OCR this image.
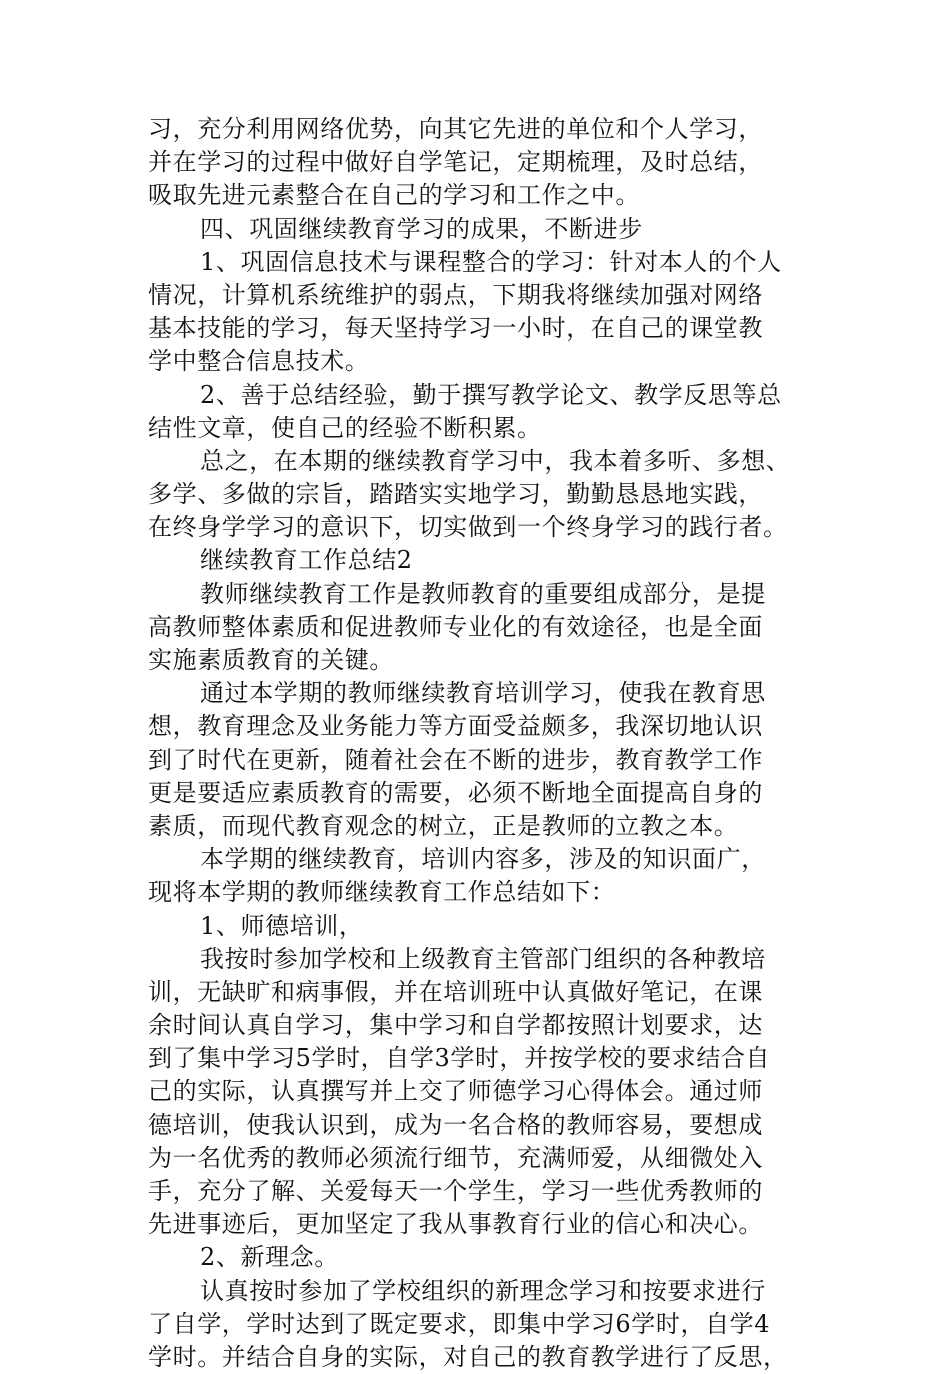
习，充分利用网络优势，向其它先进的单位和个人学习，
并在学习的过程中做好自学笔记，定期梳理，及时总结，
吸取先进元素整合在自己的学习和工作之中。
四、巩固继续教育学习的成果，不断进步
1、巩固信息技术与课程整合的学习：针对本人的个人
情况，计算机系统维护的弱点，下期我将继续加强对网络
基本技能的学习，每天坚持学习一小时，在自己的课堂教
学中整合信息技术。
2、善于总结经验，勤于撰写教学论文、教学反思等总
结性文章，使自己的经验不断积累。
总之，在本期的继续教育学习中，我本着多听、多想、
多学、多做的宗旨，踏踏实实地学习，勤勤恳恳地实践，
在终身学学习的意识下，切实做到一个终身学习的践行者。
继续教育工作总结2
教师继续教育工作是教师教育的重要组成部分，是提
高教师整体素质和促进教师专业化的有效途径，也是全面
实施素质教育的关键。
通过本学期的教师继续教育培训学习，使我在教育思
想，教育理念及业务能力等方面受益颇多，我深切地认识
到了时代在更新，随着社会在不断的进步，教育教学工作
更是要适应素质教育的需要，必须不断地全面提高自身的
素质，而现代教育观念的树立，正是教师的立教之本。
本学期的继续教育，培训内容多，涉及的知识面广，
现将本学期的教师继续教育工作总结如下：
1、师德培训，
我按时参加学校和上级教育主管部门组织的各种教培
训，无缺旷和病事假，并在培训班中认真做好笔记，在课
余时间认真自学习，集中学习和自学都按照计划要求，达
到了集中学习5学时，自学3学时，并按学校的要求结合自
己的实际，认真撰写并上交了师德学习心得体会。通过师
德培训，使我认识到，成为一名合格的教师容易，要想成
为一名优秀的教师必须流行细节，充满师爱，从细微处入
手，充分了解、关爱每天一个学生，学习一些优秀教师的
先进事迹后，更加坚定了我从事教育行业的信心和决心。
2、新理念。
认真按时参加了学校组织的新理念学习和按要求进行
了自学，学时达到了既定要求，即集中学习6学时，自学4
学时。并结合自身的实际，对自己的教育教学进行了反思，
